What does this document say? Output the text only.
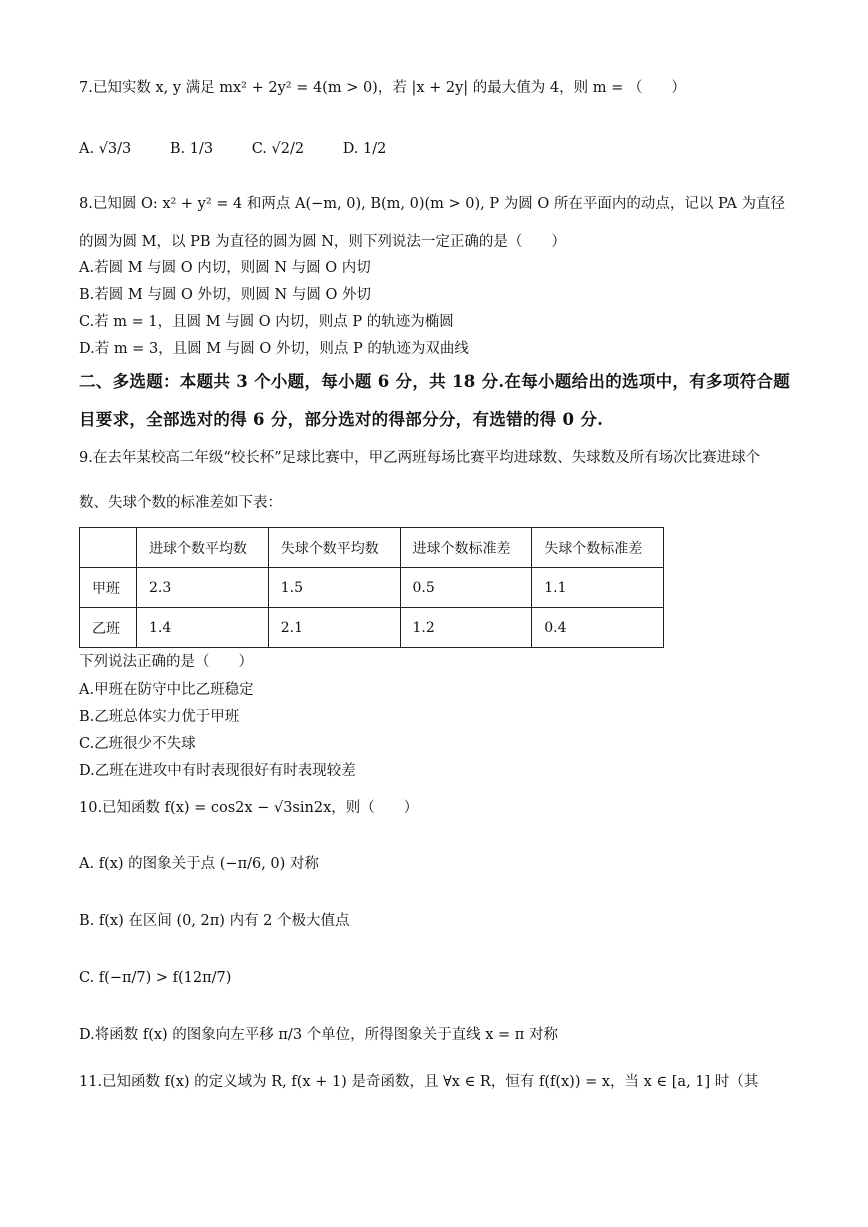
7.已知实数 x, y 满足 mx² + 2y² = 4(m > 0)，若 |x + 2y| 的最大值为 4，则 m = （　　）
A. √3/3	B. 1/3	C. √2/2	D. 1/2
8.已知圆 O: x² + y² = 4 和两点 A(−m, 0), B(m, 0)(m > 0), P 为圆 O 所在平面内的动点，记以 PA 为直径
的圆为圆 M，以 PB 为直径的圆为圆 N，则下列说法一定正确的是（　　）
A.若圆 M 与圆 O 内切，则圆 N 与圆 O 内切
B.若圆 M 与圆 O 外切，则圆 N 与圆 O 外切
C.若 m = 1，且圆 M 与圆 O 内切，则点 P 的轨迹为椭圆
D.若 m = 3，且圆 M 与圆 O 外切，则点 P 的轨迹为双曲线
二、多选题：本题共 3 个小题，每小题 6 分，共 18 分.在每小题给出的选项中，有多项符合题
目要求，全部选对的得 6 分，部分选对的得部分分，有选错的得 0 分.
9.在去年某校高二年级“校长杯”足球比赛中，甲乙两班每场比赛平均进球数、失球数及所有场次比赛进球个
数、失球个数的标准差如下表：
	进球个数平均数	失球个数平均数	进球个数标准差	失球个数标准差
甲班	2.3	1.5	0.5	1.1
乙班	1.4	2.1	1.2	0.4
下列说法正确的是（　　）
A.甲班在防守中比乙班稳定
B.乙班总体实力优于甲班
C.乙班很少不失球
D.乙班在进攻中有时表现很好有时表现较差
10.已知函数 f(x) = cos2x − √3sin2x，则（　　）
A. f(x) 的图象关于点 (−π/6, 0) 对称
B. f(x) 在区间 (0, 2π) 内有 2 个极大值点
C. f(−π/7) > f(12π/7)
D.将函数 f(x) 的图象向左平移 π/3 个单位，所得图象关于直线 x = π 对称
11.已知函数 f(x) 的定义域为 R, f(x + 1) 是奇函数，且 ∀x ∈ R，恒有 f(f(x)) = x，当 x ∈ [a, 1] 时（其
